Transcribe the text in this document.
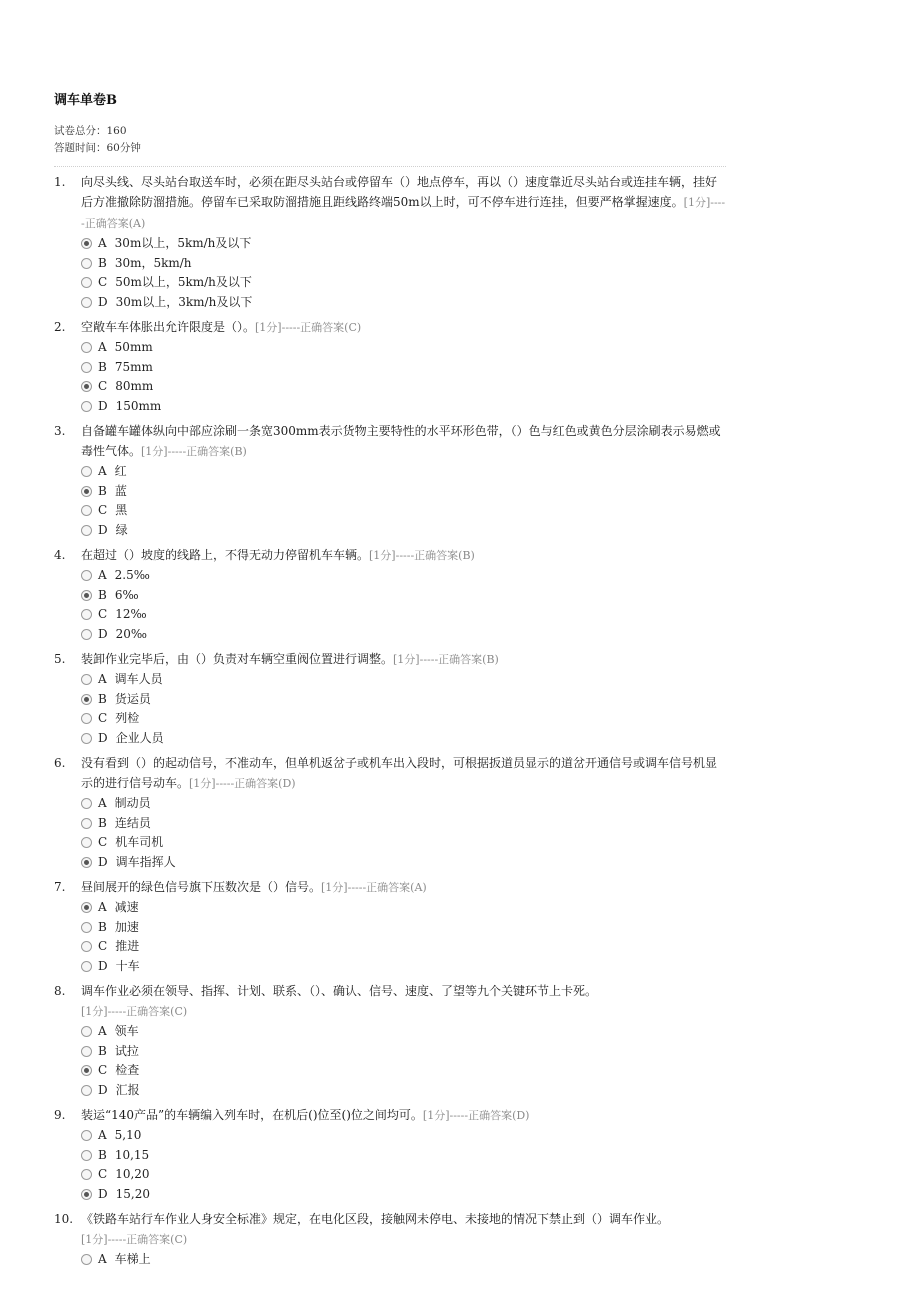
调车单卷B
试卷总分：160
答题时间：60分钟
1. 向尽头线、尽头站台取送车时，必须在距尽头站台或停留车（）地点停车，再以（）速度靠近尽头站台或连挂车辆，挂好后方准撤除防溜措施。停留车已采取防溜措施且距线路终端50m以上时，可不停车进行连挂，但要严格掌握速度。[1分]-----正确答案(A)
A 30m以上，5km/h及以下
B 30m，5km/h
C 50m以上，5km/h及以下
D 30m以上，3km/h及以下
2. 空敞车车体胀出允许限度是（）。[1分]-----正确答案(C)
A 50mm
B 75mm
C 80mm
D 150mm
3. 自备罐车罐体纵向中部应涂刷一条宽300mm表示货物主要特性的水平环形色带，（）色与红色或黄色分层涂刷表示易燃或毒性气体。[1分]-----正确答案(B)
A 红
B 蓝
C 黑
D 绿
4. 在超过（）坡度的线路上，不得无动力停留机车车辆。[1分]-----正确答案(B)
A 2.5‰
B 6‰
C 12‰
D 20‰
5. 装卸作业完毕后，由（）负责对车辆空重阀位置进行调整。[1分]-----正确答案(B)
A 调车人员
B 货运员
C 列检
D 企业人员
6. 没有看到（）的起动信号，不准动车，但单机返岔子或机车出入段时，可根据扳道员显示的道岔开通信号或调车信号机显示的进行信号动车。[1分]-----正确答案(D)
A 制动员
B 连结员
C 机车司机
D 调车指挥人
7. 昼间展开的绿色信号旗下压数次是（）信号。[1分]-----正确答案(A)
A 减速
B 加速
C 推进
D 十车
8. 调车作业必须在领导、指挥、计划、联系、（）、确认、信号、速度、了望等九个关键环节上卡死。
[1分]-----正确答案(C)
A 领车
B 试拉
C 检查
D 汇报
9. 装运“140产品”的车辆编入列车时，在机后()位至()位之间均可。[1分]-----正确答案(D)
A 5,10
B 10,15
C 10,20
D 15,20
10. 《铁路车站行车作业人身安全标准》规定，在电化区段，接触网未停电、未接地的情况下禁止到（）调车作业。
[1分]-----正确答案(C)
A 车梯上
